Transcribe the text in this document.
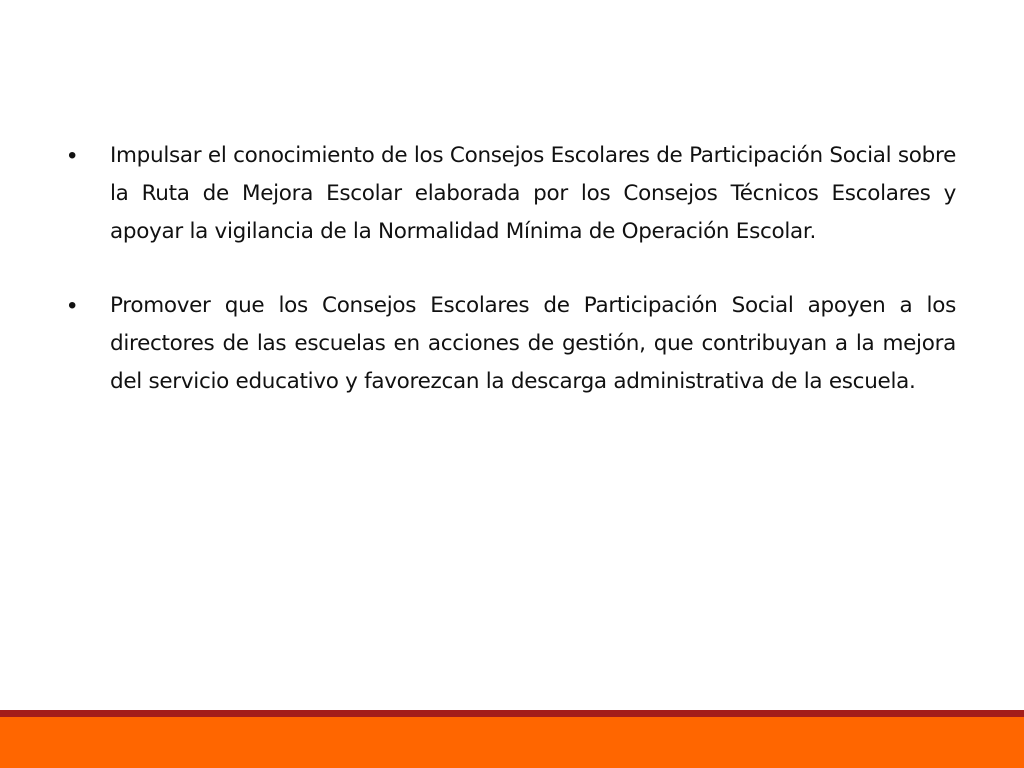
• Impulsar el conocimiento de los Consejos Escolares de Participación Social sobre la Ruta de Mejora Escolar elaborada por los Consejos Técnicos Escolares y apoyar la vigilancia de la Normalidad Mínima de Operación Escolar.

• Promover que los Consejos Escolares de Participación Social apoyen a los directores de las escuelas en acciones de gestión, que contribuyan a la mejora del servicio educativo y favorezcan la descarga administrativa de la escuela.
